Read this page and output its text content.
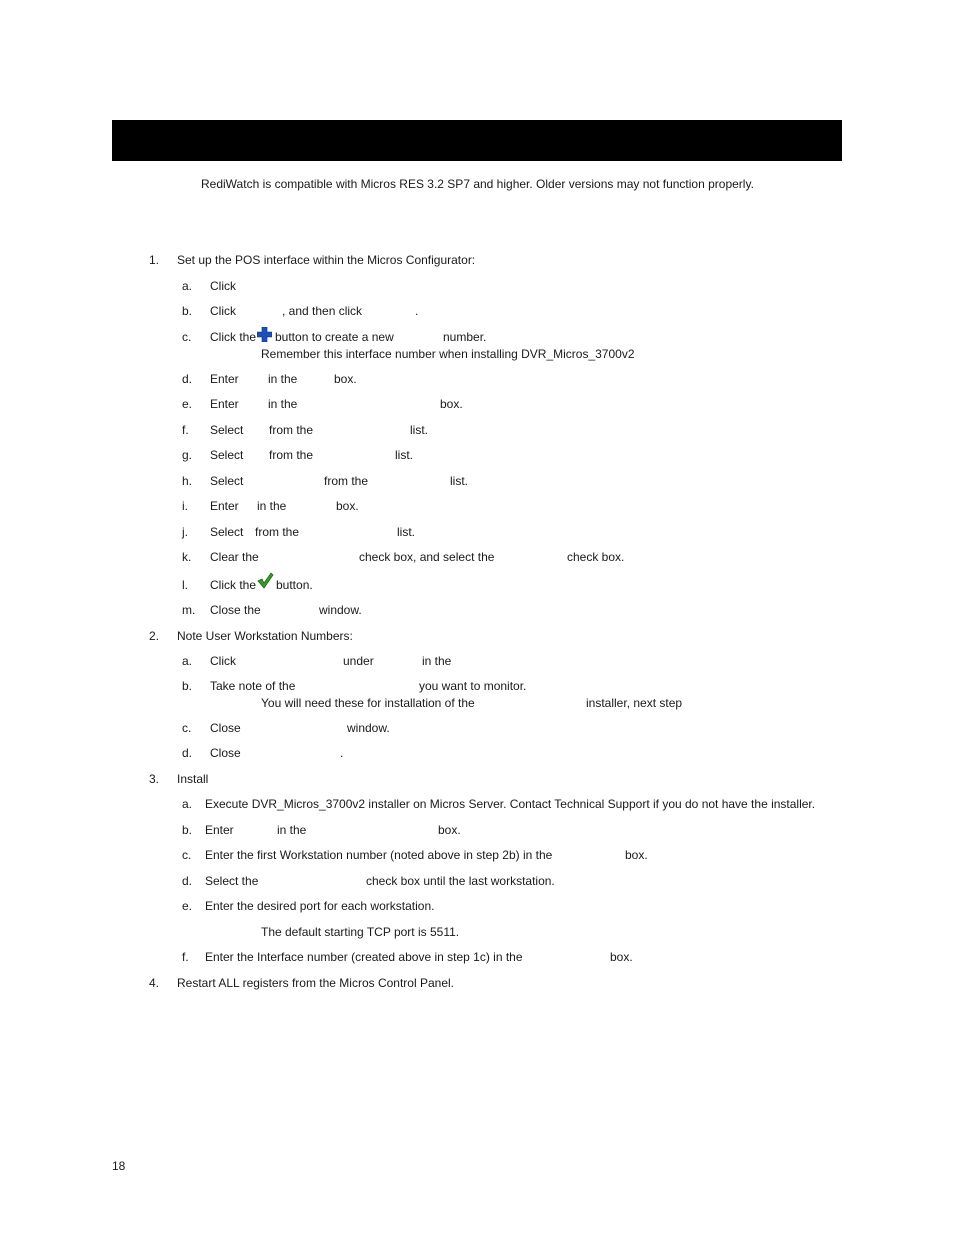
RediWatch is compatible with Micros RES 3.2 SP7 and higher. Older versions may not function properly.
1. Set up the POS interface within the Micros Configurator:
a. Click
b. Click	, and then click	.
c. Click the button to create a new	number.
Remember this interface number when installing DVR_Micros_3700v2
d. Enter in the	box.
e. Enter in the	box.
f. Select from the	list.
g. Select from the	list.
h. Select	from the	list.
i. Enter in the	box.
j. Select from the	list.
k. Clear the	check box, and select the	check box.
l. Click the button.
m. Close the	window.
2. Note User Workstation Numbers:
a. Click	under	in the
b. Take note of the	you want to monitor.
You will need these for installation of the	installer, next step
c. Close	window.
d. Close	.
3. Install
a. Execute DVR_Micros_3700v2 installer on Micros Server. Contact Technical Support if you do not have the installer.
b. Enter	in the	box.
c. Enter the first Workstation number (noted above in step 2b) in the	box.
d. Select the	check box until the last workstation.
e. Enter the desired port for each workstation.
The default starting TCP port is 5511.
f. Enter the Interface number (created above in step 1c) in the	box.
4. Restart ALL registers from the Micros Control Panel.
18
